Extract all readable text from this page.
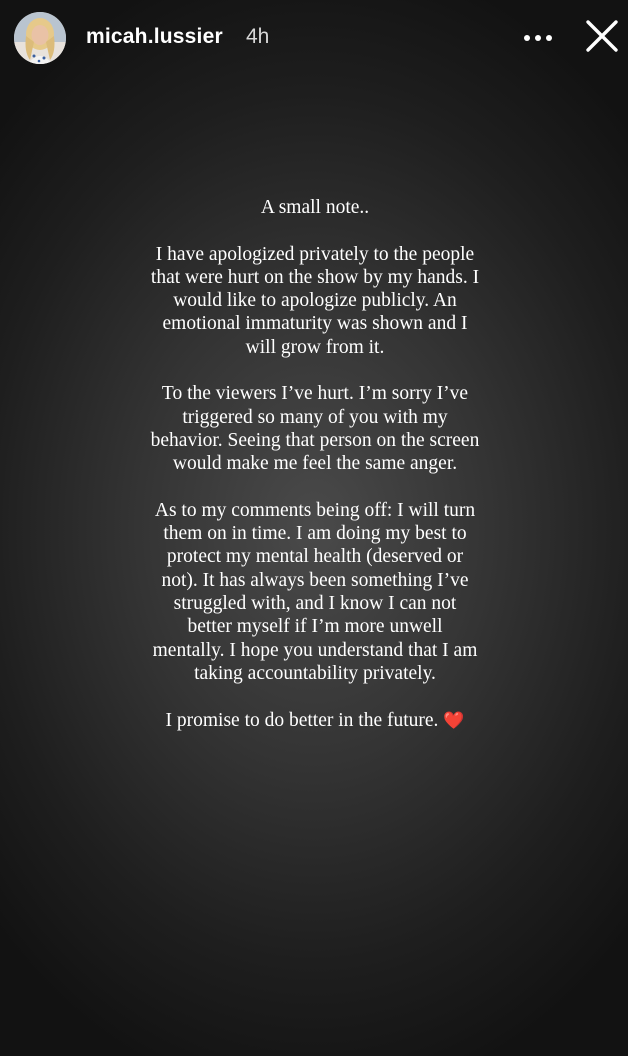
micah.lussier 4h

A small note..

I have apologized privately to the people that were hurt on the show by my hands. I would like to apologize publicly. An emotional immaturity was shown and I will grow from it.

To the viewers I’ve hurt. I’m sorry I’ve triggered so many of you with my behavior. Seeing that person on the screen would make me feel the same anger.

As to my comments being off: I will turn them on in time. I am doing my best to protect my mental health (deserved or not). It has always been something I’ve struggled with, and I know I can not better myself if I’m more unwell mentally. I hope you understand that I am taking accountability privately.

I promise to do better in the future. ❤️
